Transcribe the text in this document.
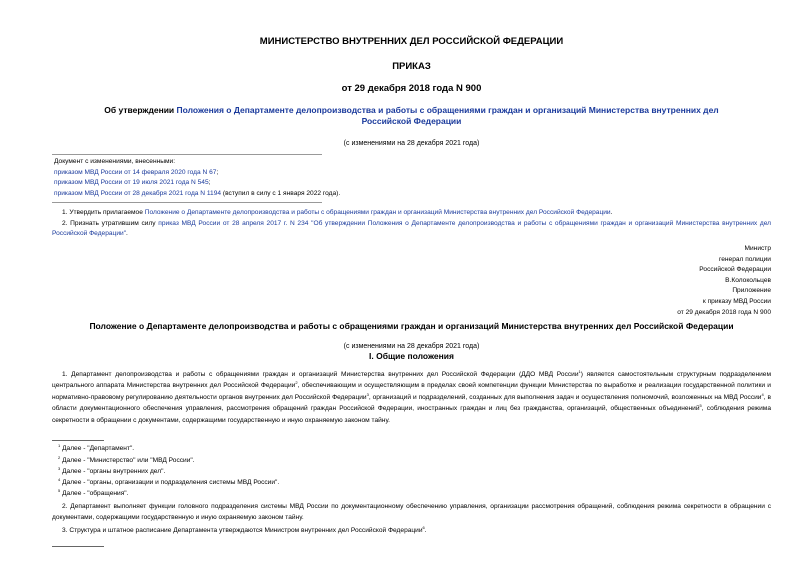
МИНИСТЕРСТВО ВНУТРЕННИХ ДЕЛ РОССИЙСКОЙ ФЕДЕРАЦИИ
ПРИКАЗ
от 29 декабря 2018 года N 900
Об утверждении Положения о Департаменте делопроизводства и работы с обращениями граждан и организаций Министерства внутренних дел Российской Федерации
(с изменениями на 28 декабря 2021 года)
Документ с изменениями, внесенными:
приказом МВД России от 14 февраля 2020 года N 67;
приказом МВД России от 19 июля 2021 года N 545;
приказом МВД России от 28 декабря 2021 года N 1194 (вступил в силу с 1 января 2022 года).
1. Утвердить прилагаемое Положение о Департаменте делопроизводства и работы с обращениями граждан и организаций Министерства внутренних дел Российской Федерации.
2. Признать утратившим силу приказ МВД России от 28 апреля 2017 г. N 234 "Об утверждении Положения о Департаменте делопроизводства и работы с обращениями граждан и организаций Министерства внутренних дел Российской Федерации".
Министр
генерал полиции
Российской Федерации
В.Колокольцев
Приложение
к приказу МВД России
от 29 декабря 2018 года N 900
Положение о Департаменте делопроизводства и работы с обращениями граждан и организаций Министерства внутренних дел Российской Федерации
(с изменениями на 28 декабря 2021 года)
I. Общие положения
1. Департамент делопроизводства и работы с обращениями граждан и организаций Министерства внутренних дел Российской Федерации (ДДО МВД России$^1$) является самостоятельным структурным подразделением центрального аппарата Министерства внутренних дел Российской Федерации$^2$, обеспечивающим и осуществляющим в пределах своей компетенции функции Министерства по выработке и реализации государственной политики и нормативно-правовому регулированию деятельности органов внутренних дел Российской Федерации$^3$, организаций и подразделений, созданных для выполнения задач и осуществления полномочий, возложенных на МВД России$^4$, в области документационного обеспечения управления, рассмотрения обращений граждан Российской Федерации, иностранных граждан и лиц без гражданства, организаций, общественных объединений$^5$, соблюдения режима секретности в обращении с документами, содержащими государственную и иную охраняемую законом тайну.
$^1$ Далее - "Департамент".
$^2$ Далее - "Министерство" или "МВД России".
$^3$ Далее - "органы внутренних дел".
$^4$ Далее - "органы, организации и подразделения системы МВД России".
$^5$ Далее - "обращения".
2. Департамент выполняет функции головного подразделения системы МВД России по документационному обеспечению управления, организации рассмотрения обращений, соблюдения режима секретности в обращении с документами, содержащими государственную и иную охраняемую законом тайну.
3. Структура и штатное расписание Департамента утверждаются Министром внутренних дел Российской Федерации$^6$.
